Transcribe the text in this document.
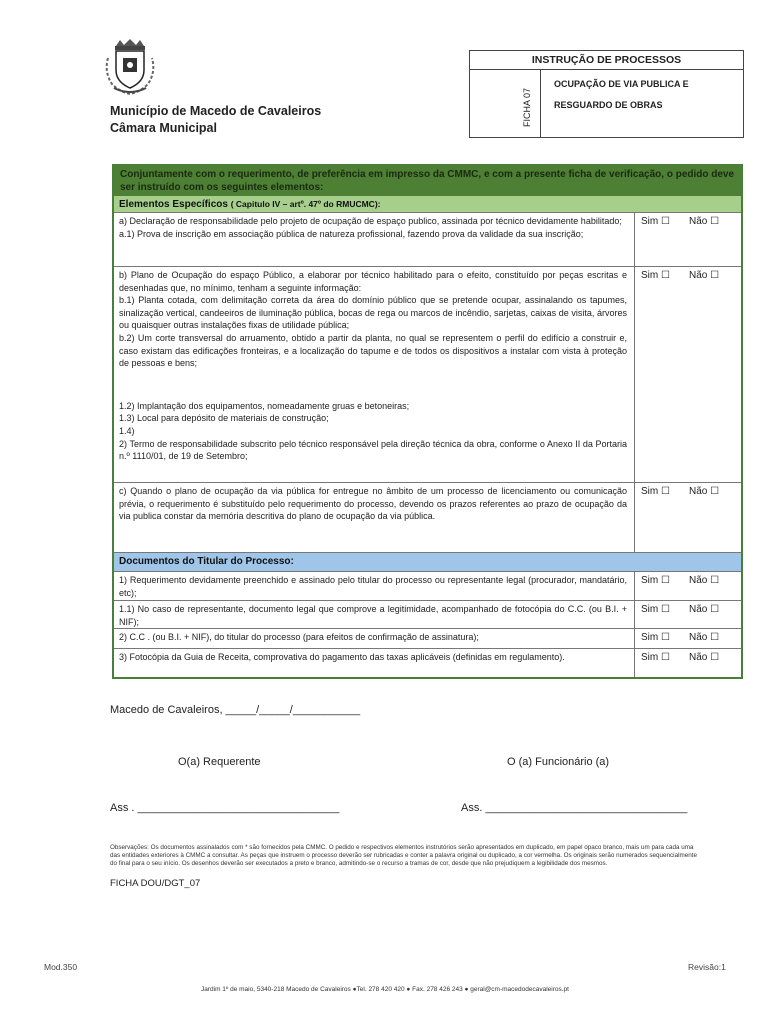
Município de Macedo de Cavaleiros
Câmara Municipal
INSTRUÇÃO DE PROCESSOS
FICHA 07
OCUPAÇÃO DE VIA PUBLICA E
RESGUARDO DE OBRAS
Conjuntamente com o requerimento, de preferência em impresso da CMMC, e com a presente ficha de verificação, o pedido deve ser instruído com os seguintes elementos:
Elementos Específicos ( Capitulo IV – artº. 47º do RMUCMC):
a) Declaração de responsabilidade pelo projeto de ocupação de espaço publico, assinada por técnico devidamente habilitado;
a.1) Prova de inscrição em associação pública de natureza profissional, fazendo prova da validade da sua inscrição;
Sim ☐ Não ☐
b) Plano de Ocupação do espaço Público, a elaborar por técnico habilitado para o efeito, constituído por peças escritas e desenhadas que, no mínimo, tenham a seguinte informação:
b.1) Planta cotada, com delimitação correta da área do domínio público que se pretende ocupar, assinalando os tapumes, sinalização vertical, candeeiros de iluminação pública, bocas de rega ou marcos de incêndio, sarjetas, caixas de visita, árvores ou quaisquer outras instalações fixas de utilidade pública;
b.2) Um corte transversal do arruamento, obtido a partir da planta, no qual se representem o perfil do edifício a construir e, caso existam das edificações fronteiras, e a localização do tapume e de todos os dispositivos a instalar com vista à proteção de pessoas e bens;
1.2) Implantação dos equipamentos, nomeadamente gruas e betoneiras;
1.3) Local para depósito de materiais de construção;
1.4)
2) Termo de responsabilidade subscrito pelo técnico responsável pela direção técnica da obra, conforme o Anexo II da Portaria n.º 1110/01, de 19 de Setembro;
Sim ☐ Não ☐
c) Quando o plano de ocupação da via pública for entregue no âmbito de um processo de licenciamento ou comunicação prévia, o requerimento é substituído pelo requerimento do processo, devendo os prazos referentes ao prazo de ocupação da via publica constar da memória descritiva do plano de ocupação da via pública.
Sim ☐ Não ☐
Documentos do Titular do Processo:
1) Requerimento devidamente preenchido e assinado pelo titular do processo ou representante legal (procurador, mandatário, etc);
Sim ☐ Não ☐
1.1) No caso de representante, documento legal que comprove a legitimidade, acompanhado de fotocópia do C.C. (ou B.I. + NIF);
Sim ☐ Não ☐
2) C.C . (ou B.I. + NIF), do titular do processo (para efeitos de confirmação de assinatura);	Sim ☐ Não ☐
3) Fotocópia da Guia de Receita, comprovativa do pagamento das taxas aplicáveis (definidas em regulamento).	Sim ☐ Não ☐
Macedo de Cavaleiros, _____/_____/___________
O(a) Requerente	O (a) Funcionário (a)
Ass . _________________________________	Ass. _________________________________
Observações: Os documentos assinalados com * são fornecidos pela CMMC. O pedido e respectivos elementos instrutórios serão apresentados em duplicado, em papel opaco branco, mais um para cada uma das entidades exteriores à CMMC a consultar. As peças que instruem o processo deverão ser rubricadas e conter a palavra original ou duplicado, a cor vermelha. Os originais serão numerados sequencialmente do final para o seu início. Os desenhos deverão ser executados a preto e branco, admitindo-se o recurso a tramas de cor, desde que não prejudiquem a legibilidade dos mesmos.
FICHA DOU/DGT_07
Mod.350	Revisão:1
Jardim 1º de maio, 5340-218 Macedo de Cavaleiros ●Tel. 278 420 420 ● Fax. 278 426 243 ● geral@cm-macedodecavaleiros.pt
